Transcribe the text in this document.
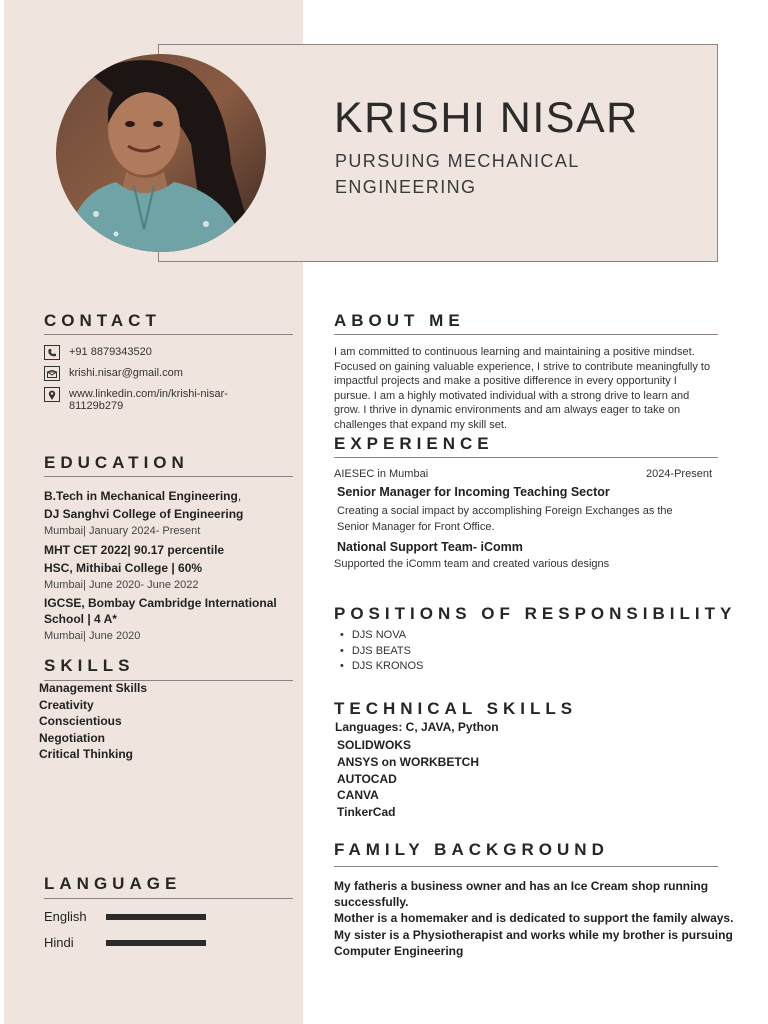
KRISHI NISAR
PURSUING MECHANICAL ENGINEERING
CONTACT
+91 8879343520
krishi.nisar@gmail.com
www.linkedin.com/in/krishi-nisar-81129b279
EDUCATION
B.Tech in Mechanical Engineering,
DJ Sanghvi College of Engineering
Mumbai| January 2024- Present
MHT CET 2022| 90.17 percentile
HSC, Mithibai College | 60%
Mumbai| June 2020- June 2022
IGCSE, Bombay Cambridge International School | 4 A*
Mumbai| June 2020
SKILLS
Management Skills
Creativity
Conscientious
Negotiation
Critical Thinking
LANGUAGE
English
Hindi
ABOUT ME
I am committed to continuous learning and maintaining a positive mindset. Focused on gaining valuable experience, I strive to contribute meaningfully to impactful projects and make a positive difference in every opportunity I pursue. I am a highly motivated individual with a strong drive to learn and grow. I thrive in dynamic environments and am always eager to take on challenges that expand my skill set.
EXPERIENCE
AIESEC in Mumbai	2024-Present
Senior Manager for Incoming Teaching Sector
Creating a social impact by accomplishing Foreign Exchanges as the Senior Manager for Front Office.
National Support Team- iComm
Supported the iComm team and created various designs
POSITIONS OF RESPONSIBILITY
• DJS NOVA
• DJS BEATS
• DJS KRONOS
TECHNICAL SKILLS
Languages: C, JAVA, Python
SOLIDWOKS
ANSYS on WORKBETCH
AUTOCAD
CANVA
TinkerCad
FAMILY BACKGROUND
My fatheris a business owner and has an Ice Cream shop running successfully.
Mother is a homemaker and is dedicated to support the family always.
My sister is a Physiotherapist and works while my brother is pursuing Computer Engineering
